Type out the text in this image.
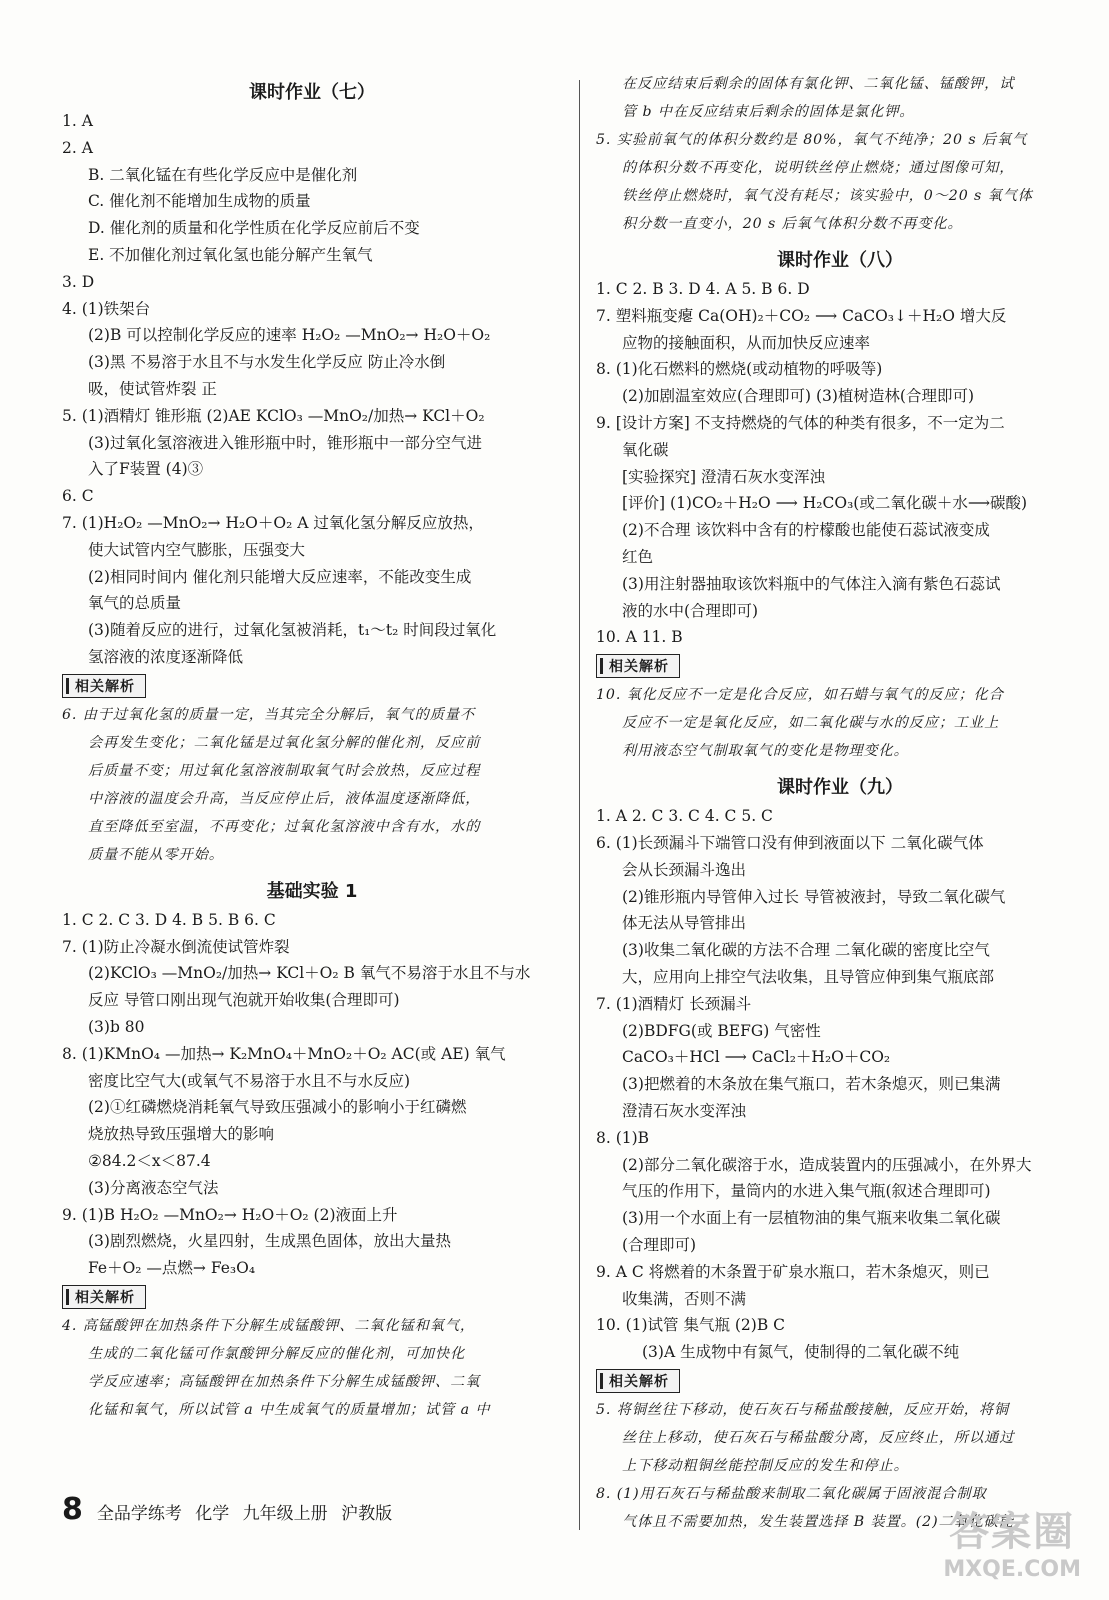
课时作业（七）
1. A
2. A
B. 二氧化锰在有些化学反应中是催化剂
C. 催化剂不能增加生成物的质量
D. 催化剂的质量和化学性质在化学反应前后不变
E. 不加催化剂过氧化氢也能分解产生氧气
3. D
4. (1)铁架台
(2)B 可以控制化学反应的速率 H₂O₂ —MnO₂→ H₂O＋O₂
(3)黑 不易溶于水且不与水发生化学反应 防止冷水倒
吸，使试管炸裂 正
5. (1)酒精灯 锥形瓶 (2)AE KClO₃ —MnO₂/加热→ KCl＋O₂
(3)过氧化氢溶液进入锥形瓶中时，锥形瓶中一部分空气进
入了F装置 (4)③
6. C
7. (1)H₂O₂ —MnO₂→ H₂O＋O₂ A 过氧化氢分解反应放热，
使大试管内空气膨胀，压强变大
(2)相同时间内 催化剂只能增大反应速率，不能改变生成
氧气的总质量
(3)随着反应的进行，过氧化氢被消耗，t₁～t₂ 时间段过氧化
氢溶液的浓度逐渐降低
相关解析
6. 由于过氧化氢的质量一定，当其完全分解后，氧气的质量不
会再发生变化；二氧化锰是过氧化氢分解的催化剂，反应前
后质量不变；用过氧化氢溶液制取氧气时会放热，反应过程
中溶液的温度会升高，当反应停止后，液体温度逐渐降低，
直至降低至室温，不再变化；过氧化氢溶液中含有水，水的
质量不能从零开始。
基础实验 1
1. C 2. C 3. D 4. B 5. B 6. C
7. (1)防止冷凝水倒流使试管炸裂
(2)KClO₃ —MnO₂/加热→ KCl＋O₂ B 氧气不易溶于水且不与水
反应 导管口刚出现气泡就开始收集(合理即可)
(3)b 80
8. (1)KMnO₄ —加热→ K₂MnO₄＋MnO₂＋O₂ AC(或 AE) 氧气
密度比空气大(或氧气不易溶于水且不与水反应)
(2)①红磷燃烧消耗氧气导致压强减小的影响小于红磷燃
烧放热导致压强增大的影响
②84.2＜x＜87.4
(3)分离液态空气法
9. (1)B H₂O₂ —MnO₂→ H₂O＋O₂ (2)液面上升
(3)剧烈燃烧，火星四射，生成黑色固体，放出大量热
Fe＋O₂ —点燃→ Fe₃O₄
相关解析
4. 高锰酸钾在加热条件下分解生成锰酸钾、二氧化锰和氧气，
生成的二氧化锰可作氯酸钾分解反应的催化剂，可加快化
学反应速率；高锰酸钾在加热条件下分解生成锰酸钾、二氧
化锰和氧气，所以试管 a 中生成氧气的质量增加；试管 a 中
在反应结束后剩余的固体有氯化钾、二氧化锰、锰酸钾，试
管 b 中在反应结束后剩余的固体是氯化钾。
5. 实验前氧气的体积分数约是 80%，氧气不纯净；20 s 后氧气
的体积分数不再变化，说明铁丝停止燃烧；通过图像可知，
铁丝停止燃烧时，氧气没有耗尽；该实验中，0～20 s 氧气体
积分数一直变小，20 s 后氧气体积分数不再变化。
课时作业（八）
1. C 2. B 3. D 4. A 5. B 6. D
7. 塑料瓶变瘪 Ca(OH)₂＋CO₂ ⟶ CaCO₃↓＋H₂O 增大反
应物的接触面积，从而加快反应速率
8. (1)化石燃料的燃烧(或动植物的呼吸等)
(2)加剧温室效应(合理即可) (3)植树造林(合理即可)
9. [设计方案] 不支持燃烧的气体的种类有很多，不一定为二
氧化碳
[实验探究] 澄清石灰水变浑浊
[评价] (1)CO₂＋H₂O ⟶ H₂CO₃(或二氧化碳＋水⟶碳酸)
(2)不合理 该饮料中含有的柠檬酸也能使石蕊试液变成
红色
(3)用注射器抽取该饮料瓶中的气体注入滴有紫色石蕊试
液的水中(合理即可)
10. A 11. B
相关解析
10. 氧化反应不一定是化合反应，如石蜡与氧气的反应；化合
反应不一定是氧化反应，如二氧化碳与水的反应；工业上
利用液态空气制取氧气的变化是物理变化。
课时作业（九）
1. A 2. C 3. C 4. C 5. C
6. (1)长颈漏斗下端管口没有伸到液面以下 二氧化碳气体
会从长颈漏斗逸出
(2)锥形瓶内导管伸入过长 导管被液封，导致二氧化碳气
体无法从导管排出
(3)收集二氧化碳的方法不合理 二氧化碳的密度比空气
大，应用向上排空气法收集，且导管应伸到集气瓶底部
7. (1)酒精灯 长颈漏斗
(2)BDFG(或 BEFG) 气密性
CaCO₃＋HCl ⟶ CaCl₂＋H₂O＋CO₂
(3)把燃着的木条放在集气瓶口，若木条熄灭，则已集满
澄清石灰水变浑浊
8. (1)B
(2)部分二氧化碳溶于水，造成装置内的压强减小，在外界大
气压的作用下，量筒内的水进入集气瓶(叙述合理即可)
(3)用一个水面上有一层植物油的集气瓶来收集二氧化碳
(合理即可)
9. A C 将燃着的木条置于矿泉水瓶口，若木条熄灭，则已
收集满，否则不满
10. (1)试管 集气瓶 (2)B C
(3)A 生成物中有氮气，使制得的二氧化碳不纯
相关解析
5. 将铜丝往下移动，使石灰石与稀盐酸接触，反应开始，将铜
丝往上移动，使石灰石与稀盐酸分离，反应终止，所以通过
上下移动粗铜丝能控制反应的发生和停止。
8. (1)用石灰石与稀盐酸来制取二氧化碳属于固液混合制取
气体且不需要加热，发生装置选择 B 装置。(2)二氧化碳能
8 全品学练考 化学 九年级上册 沪教版	答案圈
MXQE.COM
